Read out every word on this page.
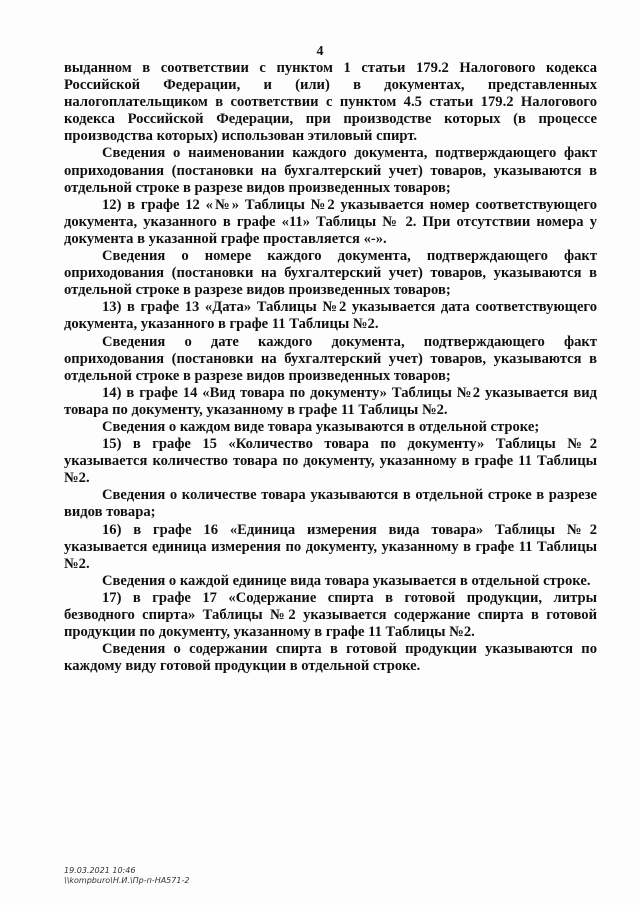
4

выданном в соответствии с пунктом 1 статьи 179.2 Налогового кодекса Российской Федерации, и (или) в документах, представленных налогоплательщиком в соответствии с пунктом 4.5 статьи 179.2 Налогового кодекса Российской Федерации, при производстве которых (в процессе производства которых) использован этиловый спирт.

Сведения о наименовании каждого документа, подтверждающего факт оприходования (постановки на бухгалтерский учет) товаров, указываются в отдельной строке в разрезе видов произведенных товаров;

12) в графе 12 «№» Таблицы №2 указывается номер соответствующего документа, указанного в графе «11» Таблицы № 2. При отсутствии номера у документа в указанной графе проставляется «-».

Сведения о номере каждого документа, подтверждающего факт оприходования (постановки на бухгалтерский учет) товаров, указываются в отдельной строке в разрезе видов произведенных товаров;

13) в графе 13 «Дата» Таблицы №2 указывается дата соответствующего документа, указанного в графе 11 Таблицы №2.

Сведения о дате каждого документа, подтверждающего факт оприходования (постановки на бухгалтерский учет) товаров, указываются в отдельной строке в разрезе видов произведенных товаров;

14) в графе 14 «Вид товара по документу» Таблицы №2 указывается вид товара по документу, указанному в графе 11 Таблицы №2.

Сведения о каждом виде товара указываются в отдельной строке;

15) в графе 15 «Количество товара по документу» Таблицы №2 указывается количество товара по документу, указанному в графе 11 Таблицы №2.

Сведения о количестве товара указываются в отдельной строке в разрезе видов товара;

16) в графе 16 «Единица измерения вида товара» Таблицы №2 указывается единица измерения по документу, указанному в графе 11 Таблицы №2.

Сведения о каждой единице вида товара указывается в отдельной строке.

17) в графе 17 «Содержание спирта в готовой продукции, литры безводного спирта» Таблицы №2 указывается содержание спирта в готовой продукции по документу, указанному в графе 11 Таблицы №2.

Сведения о содержании спирта в готовой продукции указываются по каждому виду готовой продукции в отдельной строке.

19.03.2021 10:46
\\kompburo\Н.И.\Пр-п-НА571-2
